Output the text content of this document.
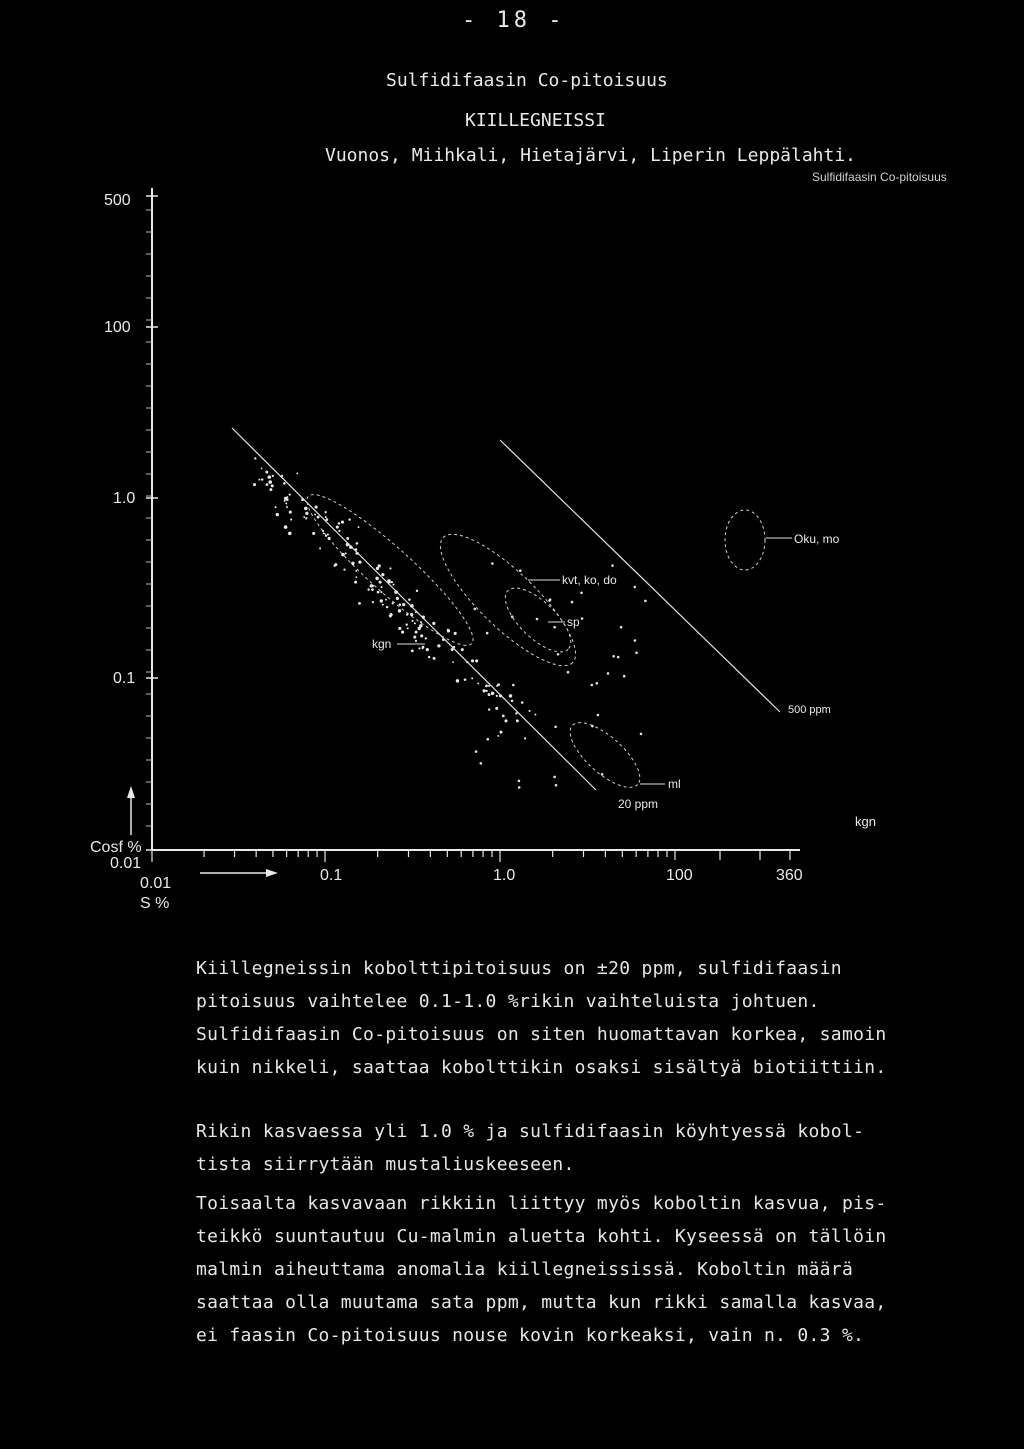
- 18 -
Sulfidifaasin Co-pitoisuus
KIILLEGNEISSI
Vuonos, Miihkali, Hietajärvi, Liperin Leppälahti.
Sulfidifaasin Co-pitoisuus
500
100
1.0
0.1
0.01
Cosf %
0.01	0.1	1.0	100	360
S %
20 ppm
500 ppm
kvt, ko, do
sp
kgn
ml
Oku, mo
kgn
Kiillegneissin kobolttipitoisuus on ±20 ppm, sulfidifaasin
pitoisuus vaihtelee 0.1-1.0 %rikin vaihteluista johtuen.
Sulfidifaasin Co-pitoisuus on siten huomattavan korkea, samoin
kuin nikkeli, saattaa kobolttikin osaksi sisältyä biotiittiin.
Rikin kasvaessa yli 1.0 % ja sulfidifaasin köyhtyessä kobol-
tista siirrytään mustaliuskeeseen.
Toisaalta kasvavaan rikkiin liittyy myös koboltin kasvua, pis-
teikkö suuntautuu Cu-malmin aluetta kohti. Kyseessä on tällöin
malmin aiheuttama anomalia kiillegneississä. Koboltin määrä
saattaa olla muutama sata ppm, mutta kun rikki samalla kasvaa,
ei faasin Co-pitoisuus nouse kovin korkeaksi, vain n. 0.3 %.
